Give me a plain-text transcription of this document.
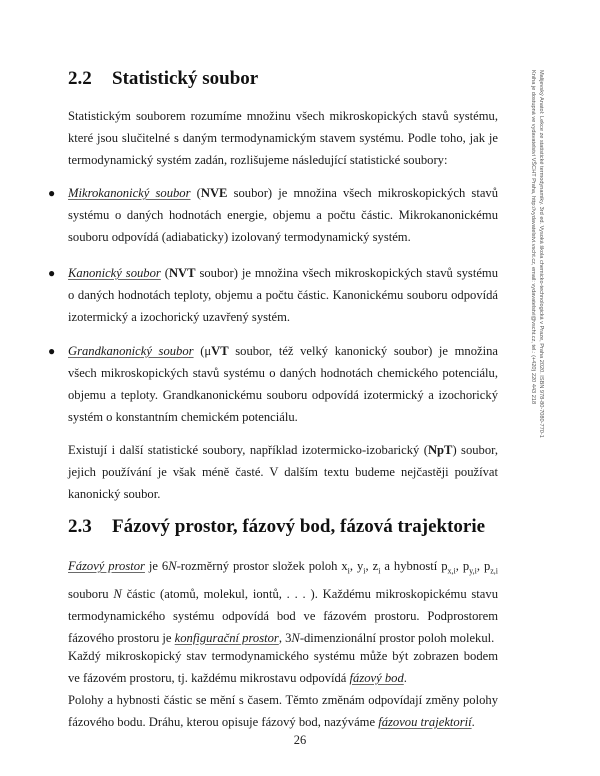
Malijevský Anatol: Lekce ze statistické termodynamiky. 3rd ed. Vysoká škola chemicko-technologická v Praze, Praha 2020. ISBN 978-80-7080-770-1
Kniha je dostupná ve vydavatelství VŠCHT Praha, http://vydavatelstvi.vscht.cz, email: vydavatelstvi@vscht.cz, tel.: (+420) 220 443 218
2.2 Statistický soubor

Statistickým souborem rozumíme množinu všech mikroskopických stavů systému, které jsou slučitelné s daným termodynamickým stavem systému. Podle toho, jak je termodynamický systém zadán, rozlišujeme následující statistické soubory:

● Mikrokanonický soubor (NVE soubor) je množina všech mikroskopických stavů systému o daných hodnotách energie, objemu a počtu částic. Mikrokanonickému souboru odpovídá (adiabaticky) izolovaný termodynamický systém.

● Kanonický soubor (NVT soubor) je množina všech mikroskopických stavů systému o daných hodnotách teploty, objemu a počtu částic. Kanonickému souboru odpovídá izotermický a izochorický uzavřený systém.

● Grandkanonický soubor (μVT soubor, též velký kanonický soubor) je množina všech mikroskopických stavů systému o daných hodnotách chemického potenciálu, objemu a teploty. Grandkanonickému souboru odpovídá izotermický a izochorický systém o konstantním chemickém potenciálu.

Existují i další statistické soubory, například izotermicko-izobarický (NpT) soubor, jejich používání je však méně časté. V dalším textu budeme nejčastěji používat kanonický soubor.

2.3 Fázový prostor, fázový bod, fázová trajektorie

Fázový prostor je 6N-rozměrný prostor složek poloh $x_i$, $y_i$, $z_i$ a hybností $p_{x,i}$, $p_{y,i}$, $p_{z,i}$ souboru N částic (atomů, molekul, iontů, . . . ). Každému mikroskopickému stavu termodynamického systému odpovídá bod ve fázovém prostoru. Podprostorem fázového prostoru je konfigurační prostor, 3N-dimenzionální prostor poloh molekul.

Každý mikroskopický stav termodynamického systému může být zobrazen bodem ve fázovém prostoru, tj. každému mikrostavu odpovídá fázový bod.

Polohy a hybnosti částic se mění s časem. Těmto změnám odpovídají změny polohy fázového bodu. Dráhu, kterou opisuje fázový bod, nazýváme fázovou trajektorií.

26
